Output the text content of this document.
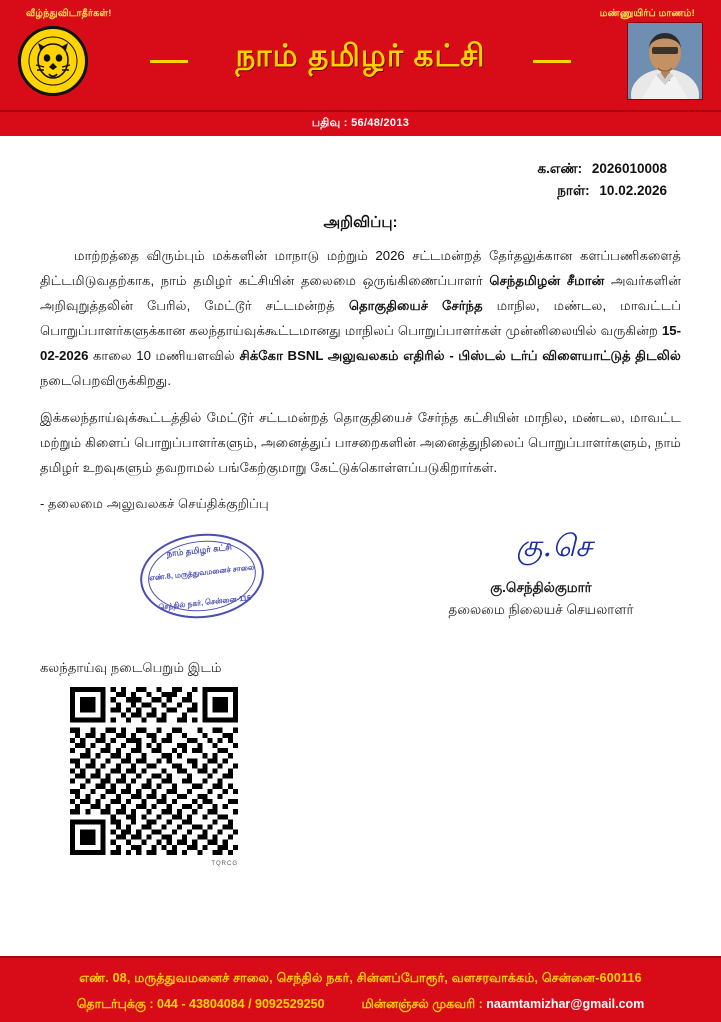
வீழ்ந்துவிடாதீர்கள்!	மண்ணுயிர்ப் மாணம்!
நாம் தமிழர் கட்சி
பதிவு : 56/48/2013
க.எண்: 2026010008
நாள்: 10.02.2026
அறிவிப்பு:

மாற்றத்தை விரும்பும் மக்களின் மாநாடு மற்றும் 2026 சட்டமன்றத் தேர்தலுக்கான களப்பணிகளைத் திட்டமிடுவதற்காக, நாம் தமிழர் கட்சியின் தலைமை ஒருங்கிணைப்பாளர் செந்தமிழன் சீமான் அவர்களின் அறிவுறுத்தலின் பேரில், மேட்டூர் சட்டமன்றத் தொகுதியைச் சேர்ந்த மாநில, மண்டல, மாவட்டப் பொறுப்பாளர்களுக்கான கலந்தாய்வுக்கூட்டமானது மாநிலப் பொறுப்பாளர்கள் முன்னிலையில் வருகின்ற 15-02-2026 காலை 10 மணியளவில் சிக்கோ BSNL அலுவலகம் எதிரில் - பிஸ்டல் டர்ப் விளையாட்டுத் திடலில் நடைபெறவிருக்கிறது.

இக்கலந்தாய்வுக்கூட்டத்தில் மேட்டூர் சட்டமன்றத் தொகுதியைச் சேர்ந்த கட்சியின் மாநில, மண்டல, மாவட்ட மற்றும் கிளைப் பொறுப்பாளர்களும், அனைத்துப் பாசறைகளின் அனைத்துநிலைப் பொறுப்பாளர்களும், நாம் தமிழர் உறவுகளும் தவறாமல் பங்கேற்குமாறு கேட்டுக்கொள்ளப்படுகிறார்கள்.

- தலைமை அலுவலகச் செய்திக்குறிப்பு
நாம் தமிழர் கட்சி
எண்.8, மருத்துவமனைச் சாலை
செந்தில் நகர், சென்னை-116
கு.செ
கு.செந்தில்குமார்
தலைமை நிலையச் செயலாளர்
கலந்தாய்வு நடைபெறும் இடம்
TQRCG
எண். 08, மருத்துவமனைச் சாலை, செந்தில் நகர், சின்னப்போரூர், வளசரவாக்கம், சென்னை-600116
தொடர்புக்கு : 044 - 43804084 / 9092529250	மின்னஞ்சல் முகவரி : naamtamizhar@gmail.com
